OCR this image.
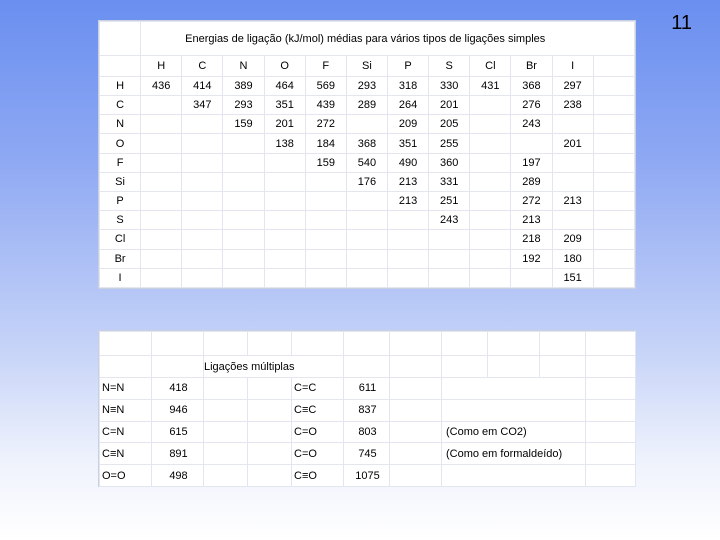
11
	Energias de ligação (kJ/mol) médias para vários tipos de ligações simples											
	H	C	N	O	F	Si	P	S	Cl	Br	I	
H	436	414	389	464	569	293	318	330	431	368	297	
C		347	293	351	439	289	264	201		276	238	
N			159	201	272		209	205		243		
O				138	184	368	351	255			201	
F					159	540	490	360		197		
Si						176	213	331		289		
P							213	251		272	213	
S								243		213		
Cl										218	209	
Br										192	180	
I											151	

		Ligações múltiplas								
N=N	418			C=C	611					
N≡N	946			C≡C	837					
C=N	615			C=O	803		(Como em CO2)			
C≡N	891			C=O	745		(Como em formaldeído)			
O=O	498			C≡O	1075					
